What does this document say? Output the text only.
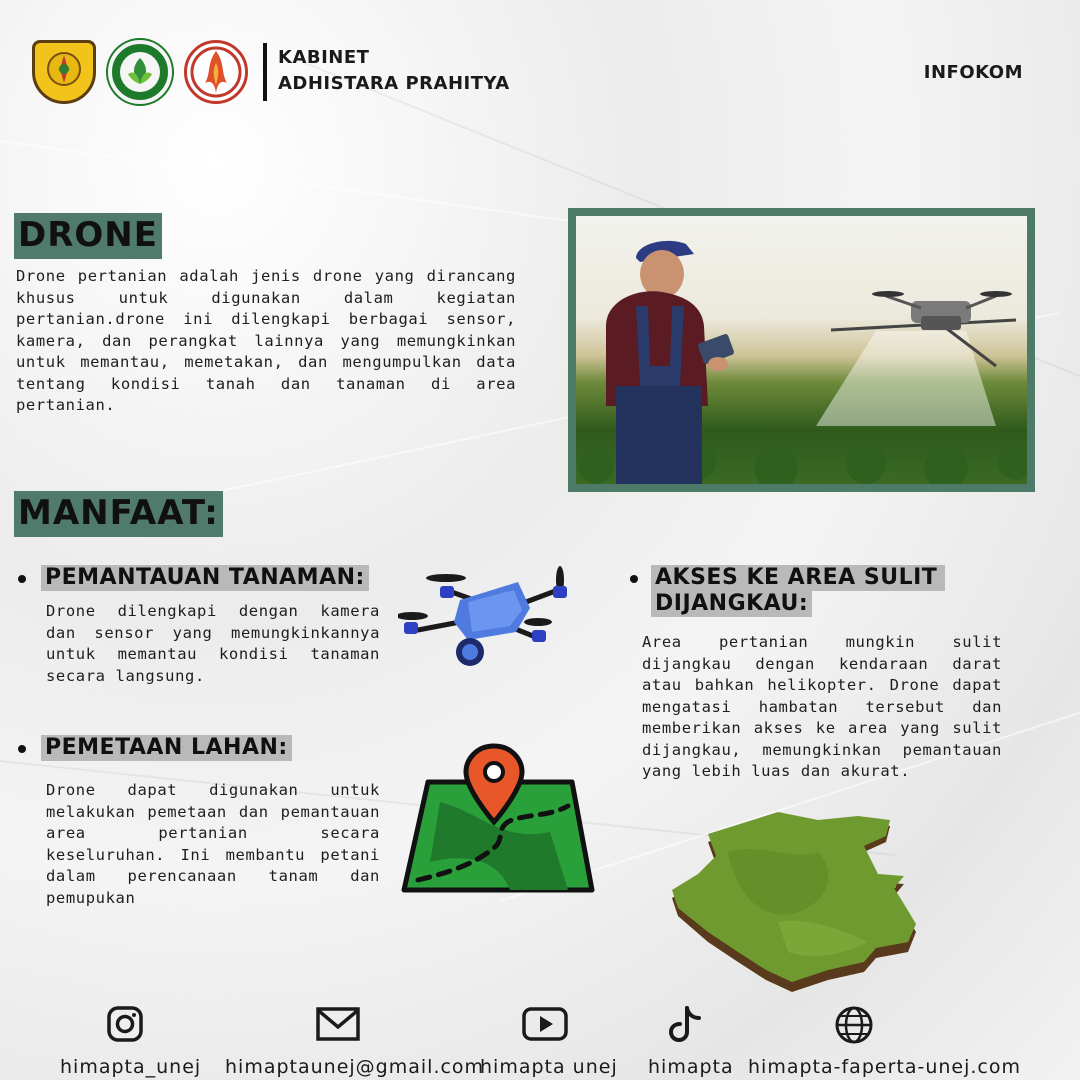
KABINET
ADHISTARA PRAHITYA
INFOKOM
DRONE
Drone pertanian adalah jenis drone yang dirancang khusus untuk digunakan dalam kegiatan pertanian.drone ini dilengkapi berbagai sensor, kamera, dan perangkat lainnya yang memungkinkan untuk memantau, memetakan, dan mengumpulkan data tentang kondisi tanah dan tanaman di area pertanian.
MANFAAT:
PEMANTAUAN TANAMAN:
Drone dilengkapi dengan kamera dan sensor yang memungkinkannya untuk memantau kondisi tanaman secara langsung.
PEMETAAN LAHAN:
Drone dapat digunakan untuk melakukan pemetaan dan pemantauan area pertanian secara keseluruhan. Ini membantu petani dalam perencanaan tanam dan pemupukan
AKSES KE AREA SULIT
DIJANGKAU:
Area pertanian mungkin sulit dijangkau dengan kendaraan darat atau bahkan helikopter. Drone dapat mengatasi hambatan tersebut dan memberikan akses ke area yang sulit dijangkau, memungkinkan pemantauan yang lebih luas dan akurat.
himapta_unej himaptaunej@gmail.com
himapta unej himapta himapta-faperta-unej.com
